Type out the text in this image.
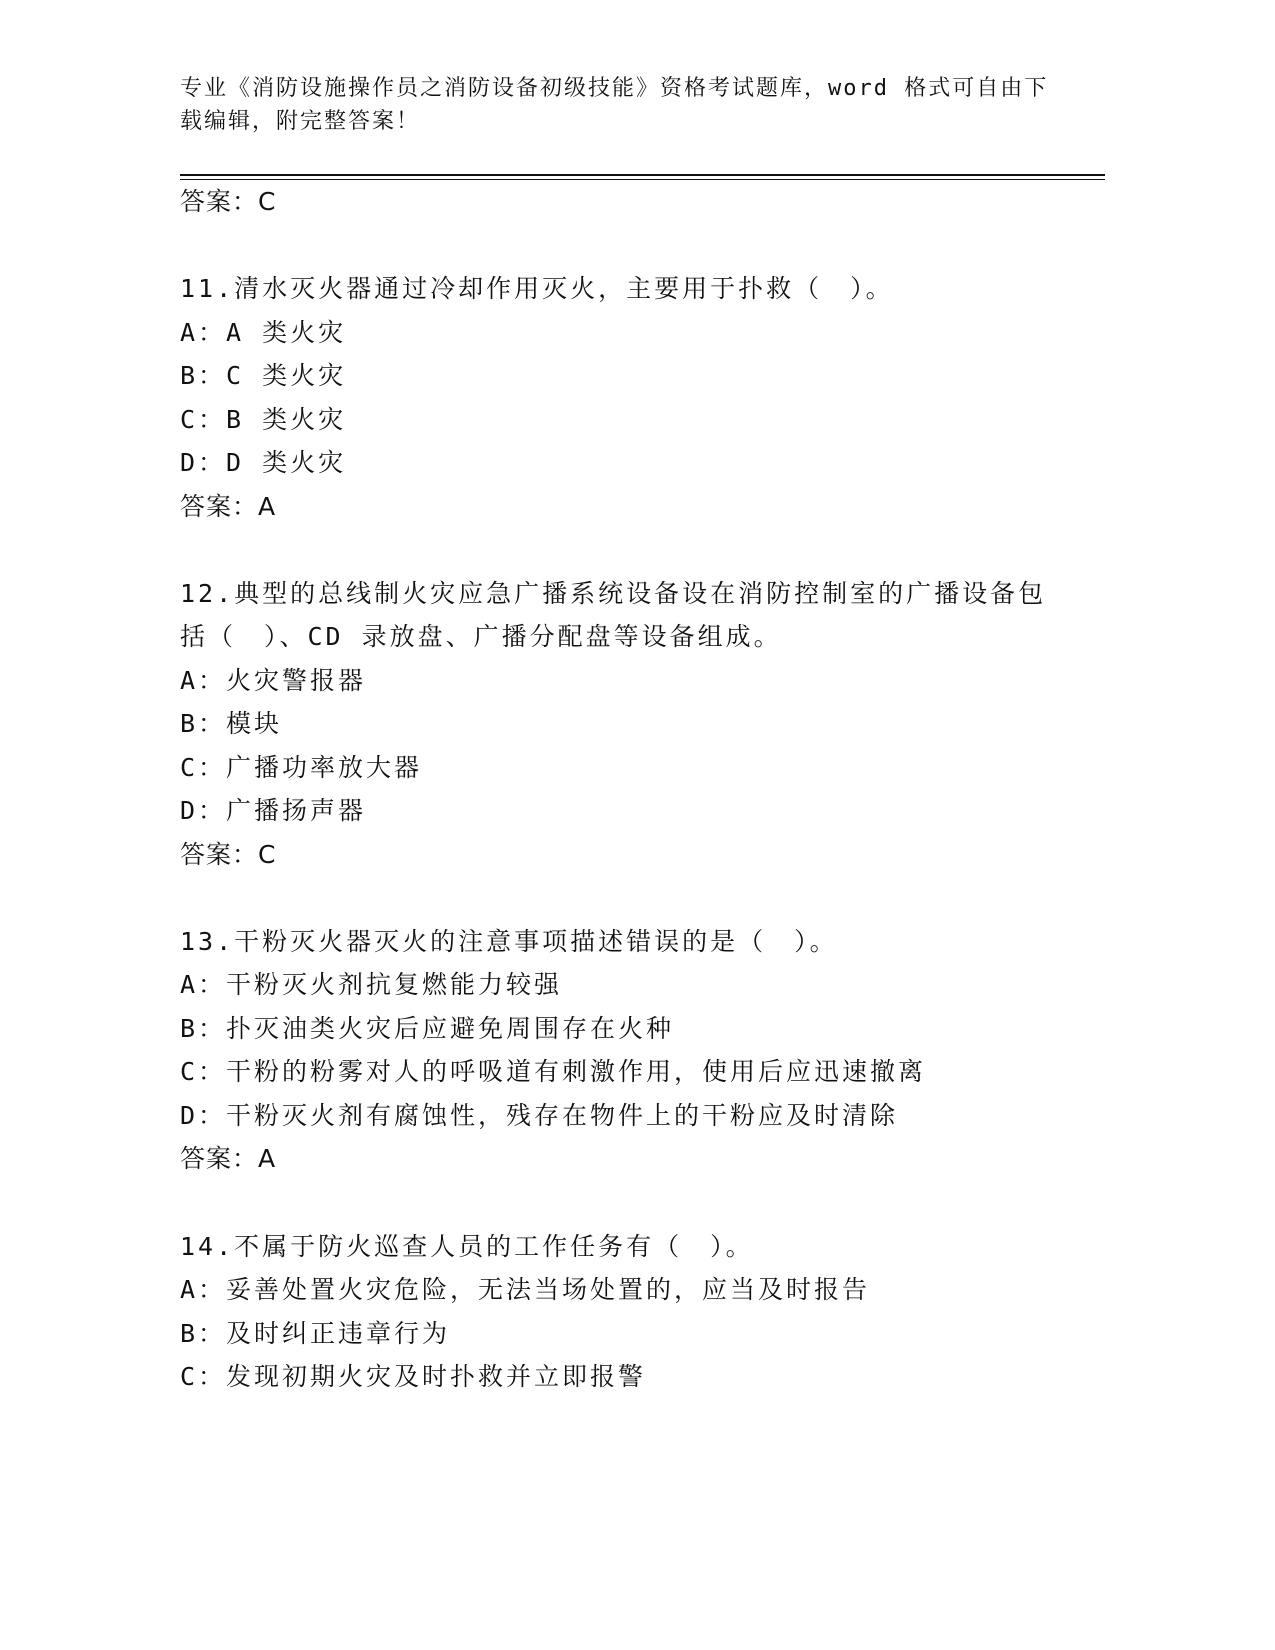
专业《消防设施操作员之消防设备初级技能》资格考试题库，word 格式可自由下
载编辑，附完整答案！
答案：C
11.清水灭火器通过冷却作用灭火，主要用于扑救（　）。
A：A 类火灾
B：C 类火灾
C：B 类火灾
D：D 类火灾
答案：A
12.典型的总线制火灾应急广播系统设备设在消防控制室的广播设备包
括（　）、CD 录放盘、广播分配盘等设备组成。
A：火灾警报器
B：模块
C：广播功率放大器
D：广播扬声器
答案：C
13.干粉灭火器灭火的注意事项描述错误的是（　）。
A：干粉灭火剂抗复燃能力较强
B：扑灭油类火灾后应避免周围存在火种
C：干粉的粉雾对人的呼吸道有刺激作用，使用后应迅速撤离
D：干粉灭火剂有腐蚀性，残存在物件上的干粉应及时清除
答案：A
14.不属于防火巡查人员的工作任务有（　）。
A：妥善处置火灾危险，无法当场处置的，应当及时报告
B：及时纠正违章行为
C：发现初期火灾及时扑救并立即报警
